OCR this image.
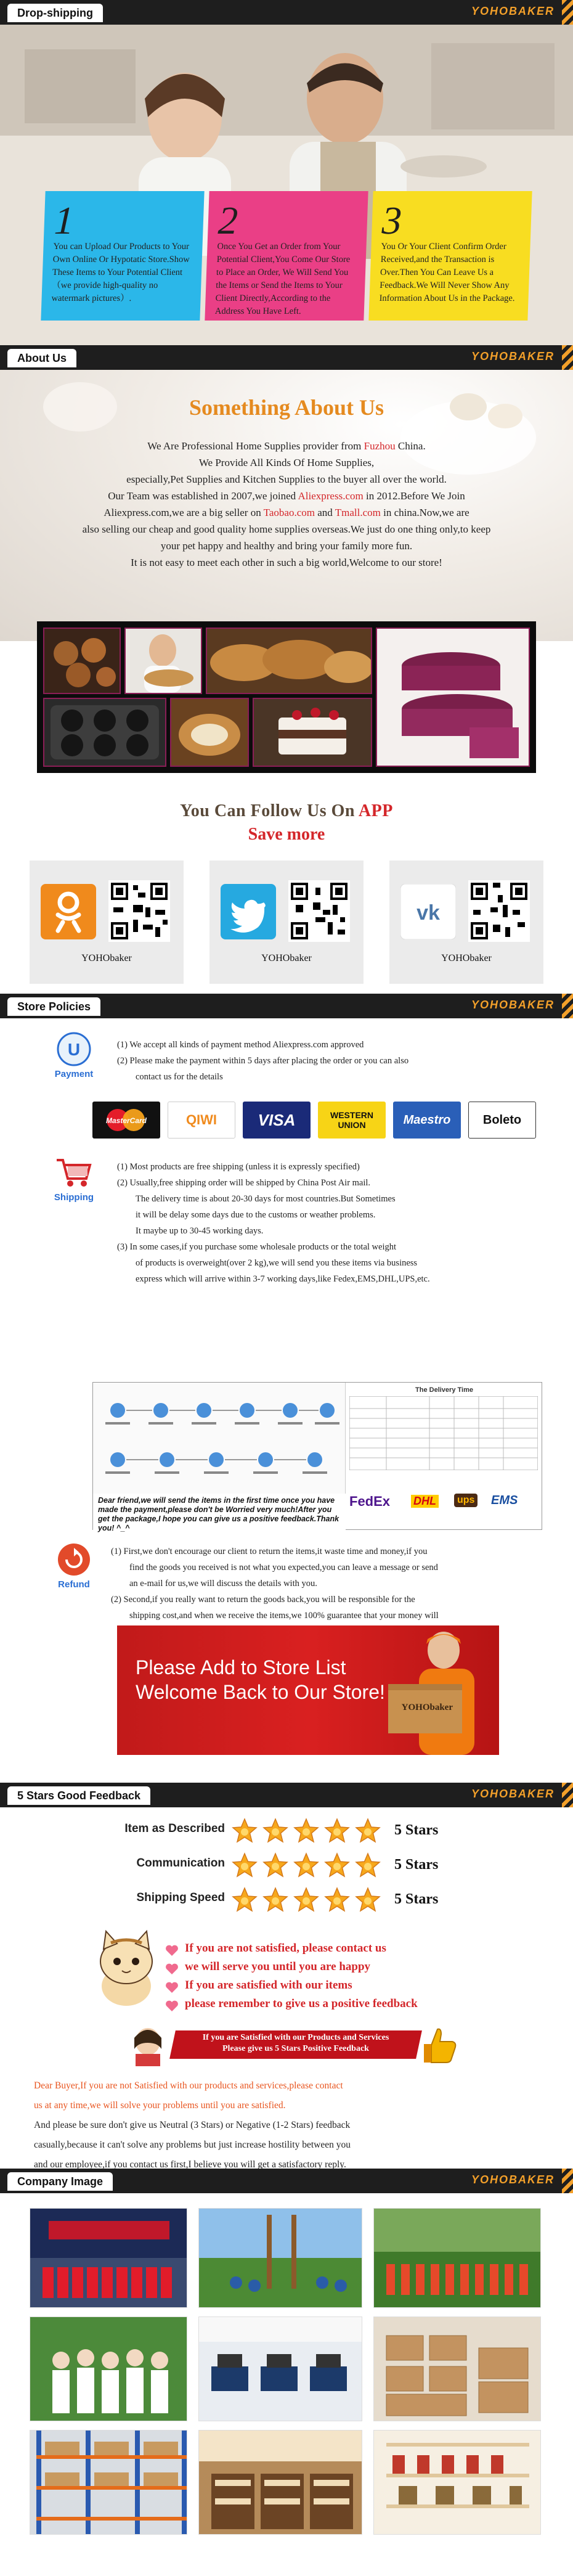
Drop-shipping	YOHOBAKER
1
You can Upload Our Products to Your Own Online Or Hypotatic Store.Show These Items to Your Potential Client（we provide high-quality no watermark pictures）.
2
Once You Get an Order from Your Potential Client,You Come Our Store to Place an Order, We Will Send You the Items or Send the Items to Your Client Directly,According to the Address You Have Left.
3
You Or Your Client Confirm Order Received,and the Transaction is Over.Then You Can Leave Us a Feedback.We Will Never Show Any Information About Us in the Package.
About Us	YOHOBAKER
Something About Us
We Are Professional Home Supplies provider from Fuzhou China.
We Provide All Kinds Of Home Supplies,
especially,Pet Supplies and Kitchen Supplies to the buyer all over the world.
Our Team was established in 2007,we joined Aliexpress.com in 2012.Before We Join
Aliexpress.com,we are a big seller on Taobao.com and Tmall.com in china.Now,we are
also selling our cheap and good quality home supplies overseas.We just do one thing only,to keep
your pet happy and healthy and bring your family more fun.
It is not easy to meet each other in such a big world,Welcome to our store!
You Can Follow Us On APP
Save more
YOHObaker	YOHObaker
vk
YOHObaker
Store Policies	YOHOBAKER
U
Payment
(1) We accept all kinds of payment method Aliexpress.com approved
(2) Please make the payment within 5 days after placing the order or you can also
contact us for the details
MasterCard	QIWI	VISA	WESTERN UNION	Maestro	Boleto
Shipping
(1) Most products are free shipping (unless it is expressly specified)
(2) Usually,free shipping order will be shipped by China Post Air mail.
The delivery time is about 20-30 days for most countries.But Sometimes
it will be delay some days due to the customs or weather problems.
It maybe up to 30-45 working days.
(3) In some cases,if you purchase some wholesale products or the total weight
of products is overweight(over 2 kg),we will send you these items via business
express which will arrive within 3-7 working days,like Fedex,EMS,DHL,UPS,etc.
Dear friend,we will send the items in the first time once you have made the payment,please don't be Worried very much!After you get the package,I hope you can give us a positive feedback.Thank you! ^_^
The Delivery Time
FedEx DHL	ups EMS
Refund
(1) First,we don't encourage our client to return the items,it waste time and money,if you
find the goods you received is not what you expected,you can leave a message or send
an e-mail for us,we will discuss the details with you.
(2) Second,if you really want to return the goods back,you will be responsible for the
shipping cost,and when we receive the items,we 100% guarantee that your money will
Please Add to Store List
Welcome Back to Our Store!
YOHObaker
5 Stars Good Feedback	YOHOBAKER
Item as Described	5 Stars
Communication	5 Stars
Shipping Speed	5 Stars
If you are not satisfied, please contact us
we will serve you until you are happy
If you are satisfied with our items
please remember to give us a positive feedback
If you are Satisfied with our Products and Services
Please give us 5 Stars Positive Feedback
Dear Buyer,If you are not Satisfied with our products and services,please contact
us at any time,we will solve your problems until you are satisfied.
And please be sure don't give us Neutral (3 Stars) or Negative (1-2 Stars) feedback
casually,because it can't solve any problems but just increase hostility between you
and our employee,if you contact us first,I believe you will get a satisfactory reply.
Company Image	YOHOBAKER
